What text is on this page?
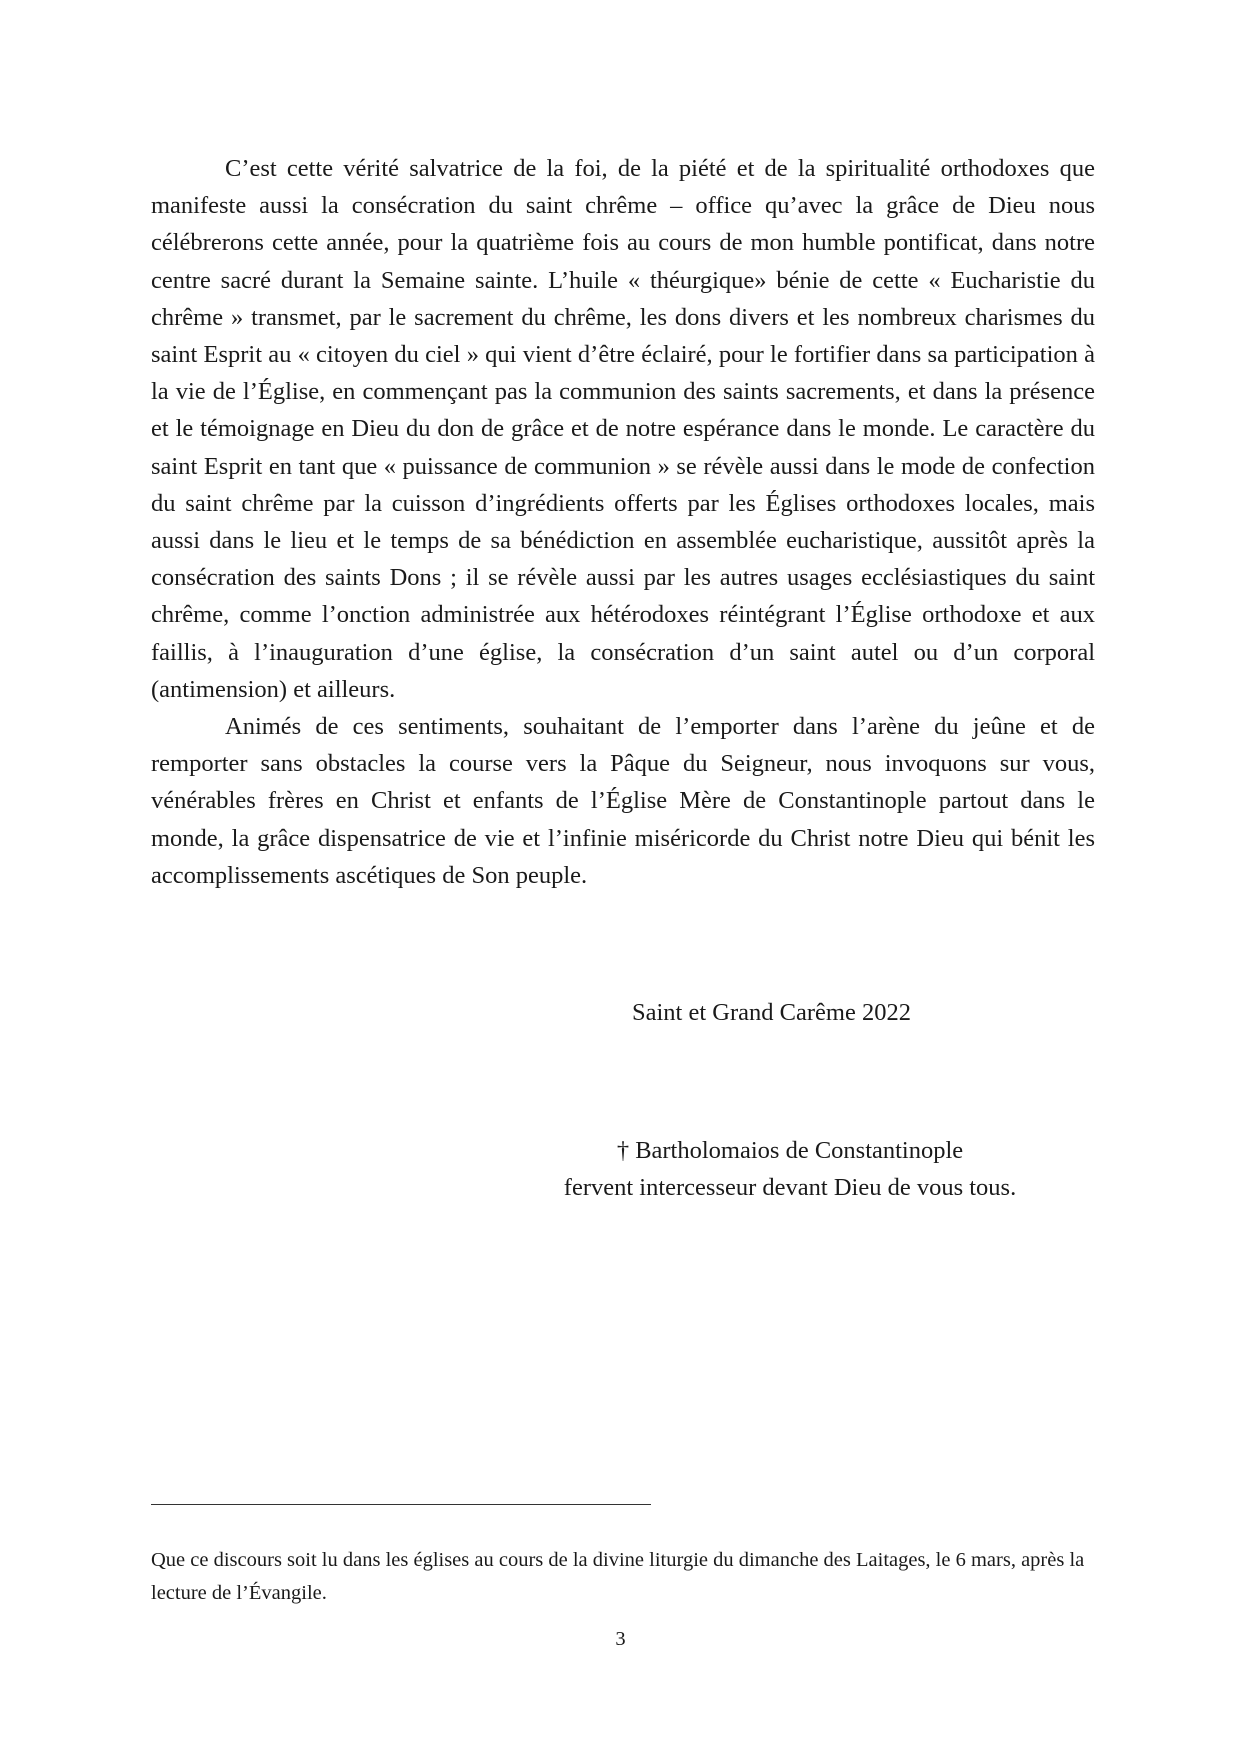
C’est cette vérité salvatrice de la foi, de la piété et de la spiritualité orthodoxes que manifeste aussi la consécration du saint chrême – office qu’avec la grâce de Dieu nous célébrerons cette année, pour la quatrième fois au cours de mon humble pontificat, dans notre centre sacré durant la Semaine sainte. L’huile « théurgique» bénie de cette « Eucharistie du chrême » transmet, par le sacrement du chrême, les dons divers et les nombreux charismes du saint Esprit au « citoyen du ciel » qui vient d’être éclairé, pour le fortifier dans sa participation à la vie de l’Église, en commençant pas la communion des saints sacrements, et dans la présence et le témoignage en Dieu du don de grâce et de notre espérance dans le monde. Le caractère du saint Esprit en tant que « puissance de communion » se révèle aussi dans le mode de confection du saint chrême par la cuisson d’ingrédients offerts par les Églises orthodoxes locales, mais aussi dans le lieu et le temps de sa bénédiction en assemblée eucharistique, aussitôt après la consécration des saints Dons ; il se révèle aussi par les autres usages ecclésiastiques du saint chrême, comme l’onction administrée aux hétérodoxes réintégrant l’Église orthodoxe et aux faillis, à l’inauguration d’une église, la consécration d’un saint autel ou d’un corporal (antimension) et ailleurs.

Animés de ces sentiments, souhaitant de l’emporter dans l’arène du jeûne et de remporter sans obstacles la course vers la Pâque du Seigneur, nous invoquons sur vous, vénérables frères en Christ et enfants de l’Église Mère de Constantinople partout dans le monde, la grâce dispensatrice de vie et l’infinie miséricorde du Christ notre Dieu qui bénit les accomplissements ascétiques de Son peuple.

Saint et Grand Carême 2022
† Bartholomaios de Constantinople
fervent intercesseur devant Dieu de vous tous.
Que ce discours soit lu dans les églises au cours de la divine liturgie du dimanche des Laitages, le 6 mars, après la lecture de l’Évangile.
3
